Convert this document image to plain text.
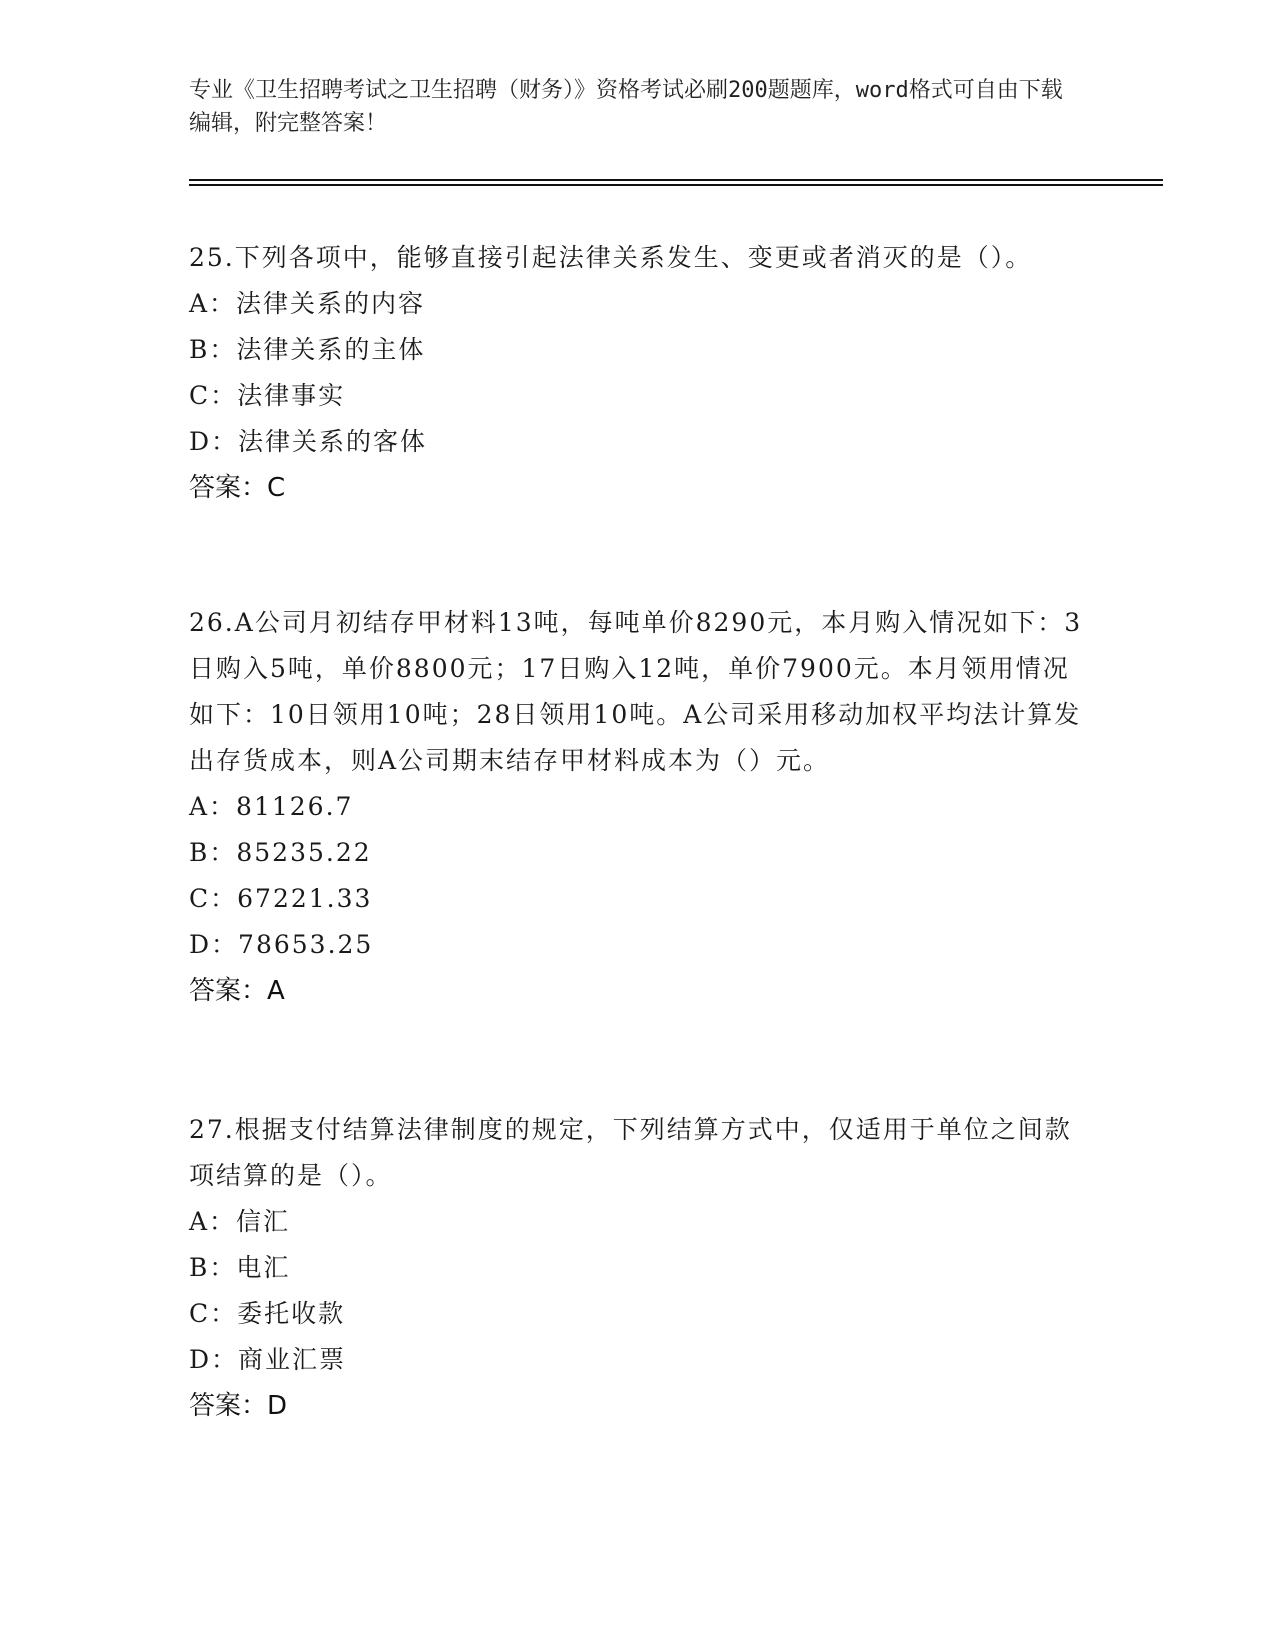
专业《卫生招聘考试之卫生招聘（财务）》资格考试必刷200题题库，word格式可自由下载编辑，附完整答案！

25.下列各项中，能够直接引起法律关系发生、变更或者消灭的是（）。

A：法律关系的内容

B：法律关系的主体

C：法律事实

D：法律关系的客体

答案：C

26.A公司月初结存甲材料13吨，每吨单价8290元，本月购入情况如下：3日购入5吨，单价8800元；17日购入12吨，单价7900元。本月领用情况如下：10日领用10吨；28日领用10吨。A公司采用移动加权平均法计算发出存货成本，则A公司期末结存甲材料成本为（）元。

A：81126.7

B：85235.22

C：67221.33

D：78653.25

答案：A

27.根据支付结算法律制度的规定，下列结算方式中，仅适用于单位之间款项结算的是（）。

A：信汇

B：电汇

C：委托收款

D：商业汇票

答案：D
